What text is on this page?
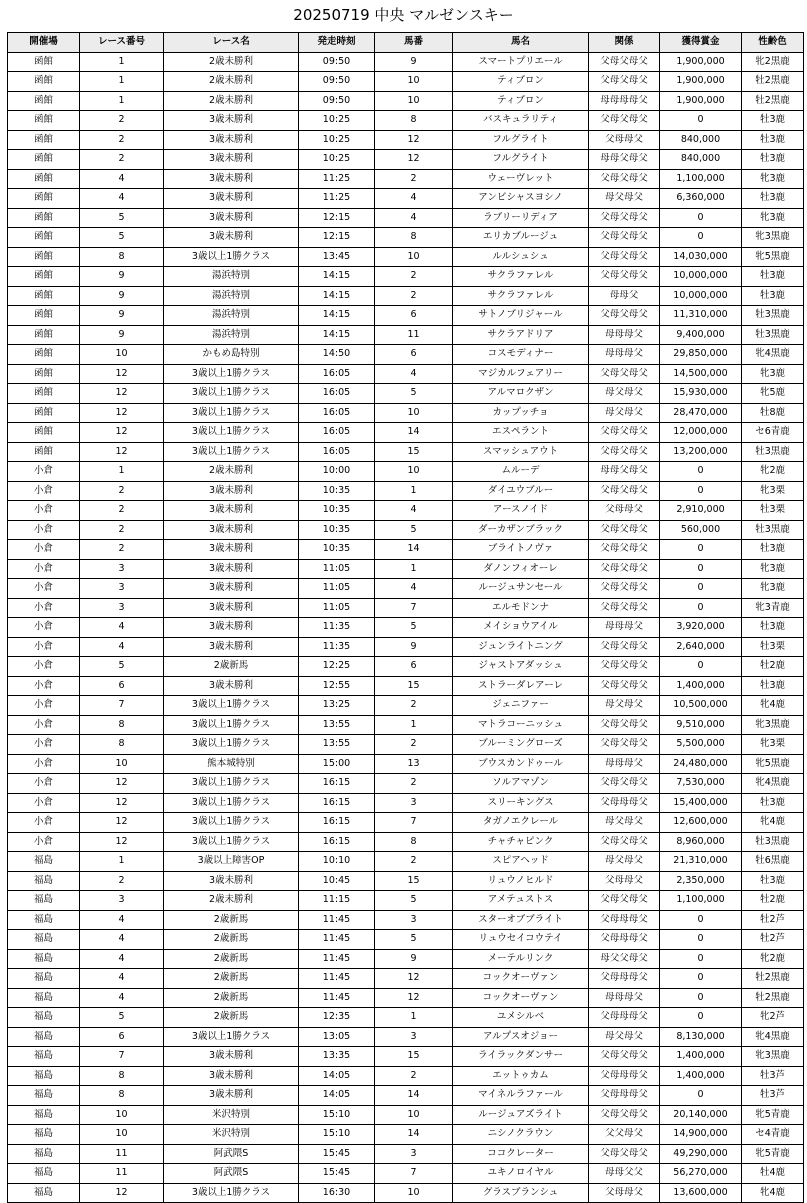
20250719 中央 マルゼンスキー
開催場	レース番号	レース名	発走時刻	馬番	馬名	関係	獲得賞金	性齢色
函館	1	2歳未勝利	09:50	9	スマートプリエール	父母父母父	1,900,000	牝2黒鹿
函館	1	2歳未勝利	09:50	10	ティブロン	父母父母父	1,900,000	牡2黒鹿
函館	1	2歳未勝利	09:50	10	ティブロン	母母母母父	1,900,000	牡2黒鹿
函館	2	3歳未勝利	10:25	8	バスキュラリティ	父母父母父	0	牡3鹿
函館	2	3歳未勝利	10:25	12	フルグライト	父母母父	840,000	牡3鹿
函館	2	3歳未勝利	10:25	12	フルグライト	母母父母父	840,000	牡3鹿
函館	4	3歳未勝利	11:25	2	ウェーヴレット	父母父母父	1,100,000	牝3鹿
函館	4	3歳未勝利	11:25	4	アンビシャスヨシノ	母父母父	6,360,000	牡3鹿
函館	5	3歳未勝利	12:15	4	ラブリーリディア	父母父母父	0	牝3鹿
函館	5	3歳未勝利	12:15	8	エリカブルージュ	父母父母父	0	牝3黒鹿
函館	8	3歳以上1勝クラス	13:45	10	ルルシュシュ	父母父母父	14,030,000	牝5黒鹿
函館	9	湯浜特別	14:15	2	サクラファレル	父母父母父	10,000,000	牡3鹿
函館	9	湯浜特別	14:15	2	サクラファレル	母母父	10,000,000	牡3鹿
函館	9	湯浜特別	14:15	6	サトノブリジャール	父母父母父	11,310,000	牡3黒鹿
函館	9	湯浜特別	14:15	11	サクラアドリア	母母母父	9,400,000	牡3黒鹿
函館	10	かもめ島特別	14:50	6	コスモディナー	母母母父	29,850,000	牝4黒鹿
函館	12	3歳以上1勝クラス	16:05	4	マジカルフェアリー	父母父母父	14,500,000	牝3鹿
函館	12	3歳以上1勝クラス	16:05	5	アルマロクザン	母父母父	15,930,000	牝5鹿
函館	12	3歳以上1勝クラス	16:05	10	カップッチョ	母父母父	28,470,000	牡8鹿
函館	12	3歳以上1勝クラス	16:05	14	エスペラント	父母父母父	12,000,000	セ6青鹿
函館	12	3歳以上1勝クラス	16:05	15	スマッシュアウト	父母父母父	13,200,000	牡3黒鹿
小倉	1	2歳未勝利	10:00	10	ムルーデ	母母父母父	0	牝2鹿
小倉	2	3歳未勝利	10:35	1	ダイユウブルー	父母父母父	0	牝3栗
小倉	2	3歳未勝利	10:35	4	アースノイド	父母母父	2,910,000	牡3栗
小倉	2	3歳未勝利	10:35	5	ダーカザンブラック	父母父母父	560,000	牡3黒鹿
小倉	2	3歳未勝利	10:35	14	ブライトノヴァ	父母父母父	0	牡3鹿
小倉	3	3歳未勝利	11:05	1	ダノンフィオーレ	父母父母父	0	牝3鹿
小倉	3	3歳未勝利	11:05	4	ルージュサンセール	父母父母父	0	牝3鹿
小倉	3	3歳未勝利	11:05	7	エルモドンナ	父母父母父	0	牝3青鹿
小倉	4	3歳未勝利	11:35	5	メイショウアイル	母母母父	3,920,000	牡3鹿
小倉	4	3歳未勝利	11:35	9	ジュンライトニング	父母父母父	2,640,000	牡3栗
小倉	5	2歳新馬	12:25	6	ジャストアダッシュ	父母父母父	0	牡2鹿
小倉	6	3歳未勝利	12:55	15	ストラーダレアーレ	父母父母父	1,400,000	牡3鹿
小倉	7	3歳以上1勝クラス	13:25	2	ジェニファー	母父母父	10,500,000	牝4鹿
小倉	8	3歳以上1勝クラス	13:55	1	マトラコーニッシュ	父母父母父	9,510,000	牝3黒鹿
小倉	8	3歳以上1勝クラス	13:55	2	ブルーミングローズ	父母父母父	5,500,000	牝3栗
小倉	10	熊本城特別	15:00	13	ブウスカンドゥール	母母母父	24,480,000	牝5黒鹿
小倉	12	3歳以上1勝クラス	16:15	2	ソルアマゾン	父母父母父	7,530,000	牝4黒鹿
小倉	12	3歳以上1勝クラス	16:15	3	スリーキングス	父母母母父	15,400,000	牡3鹿
小倉	12	3歳以上1勝クラス	16:15	7	タガノエクレール	母父母父	12,600,000	牝4鹿
小倉	12	3歳以上1勝クラス	16:15	8	チャチャピンク	父母父母父	8,960,000	牡3黒鹿
福島	1	3歳以上障害OP	10:10	2	スピアヘッド	母父母父	21,310,000	牡6黒鹿
福島	2	3歳未勝利	10:45	15	リュウノヒルド	父母母父	2,350,000	牡3鹿
福島	3	2歳未勝利	11:15	5	アメテュストス	父母父母父	1,100,000	牡2鹿
福島	4	2歳新馬	11:45	3	スターオブブライト	父母母母父	0	牡2芦
福島	4	2歳新馬	11:45	5	リュウセイコウテイ	父母母母父	0	牡2芦
福島	4	2歳新馬	11:45	9	メーテルリンク	母父父母父	0	牝2鹿
福島	4	2歳新馬	11:45	12	コックオーヴァン	父母母母父	0	牡2黒鹿
福島	4	2歳新馬	11:45	12	コックオーヴァン	母母母父	0	牡2黒鹿
福島	5	2歳新馬	12:35	1	ユメシルベ	父母母母父	0	牝2芦
福島	6	3歳以上1勝クラス	13:05	3	アルプスオジョー	母父母父	8,130,000	牝4黒鹿
福島	7	3歳未勝利	13:35	15	ライラックダンサー	父母父母父	1,400,000	牝3黒鹿
福島	8	3歳未勝利	14:05	2	エットゥカム	父母母母父	1,400,000	牡3芦
福島	8	3歳未勝利	14:05	14	マイネルラファール	父母母母父	0	牡3芦
福島	10	米沢特別	15:10	10	ルージュアズライト	父母父母父	20,140,000	牝5青鹿
福島	10	米沢特別	15:10	14	ニシノクラウン	父父母父	14,900,000	セ4青鹿
福島	11	阿武隈S	15:45	3	ココクレーター	父母父母父	49,290,000	牝5青鹿
福島	11	阿武隈S	15:45	7	ユキノロイヤル	母母父父	56,270,000	牡4鹿
福島	12	3歳以上1勝クラス	16:30	10	グラスブランシュ	父母母父	13,600,000	牝4鹿
